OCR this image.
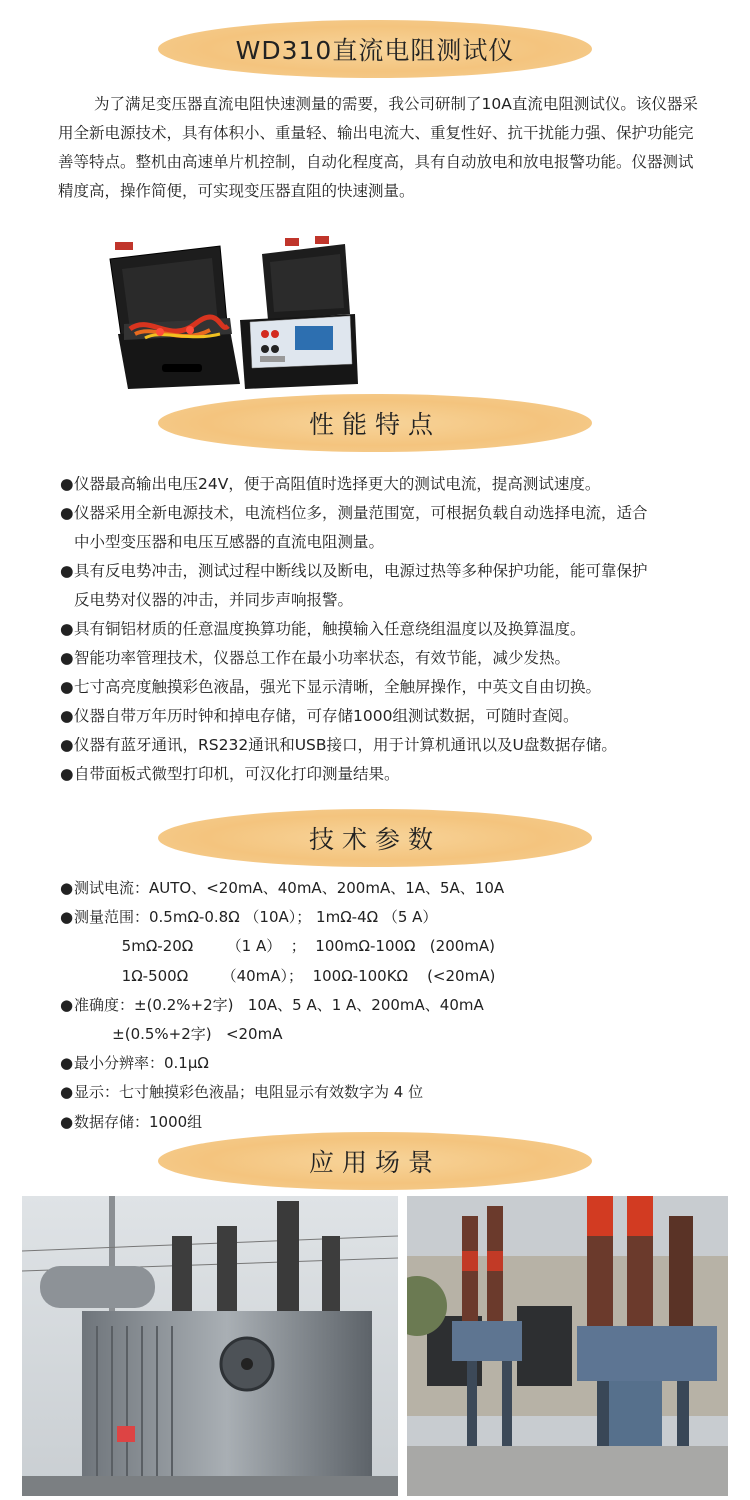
WD310直流电阻测试仪

为了满足变压器直流电阻快速测量的需要，我公司研制了10A直流电阻测试仪。该仪器采用全新电源技术，具有体积小、重量轻、输出电流大、重复性好、抗干扰能力强、保护功能完善等特点。整机由高速单片机控制，自动化程度高，具有自动放电和放电报警功能。仪器测试精度高，操作简便，可实现变压器直阻的快速测量。

性能特点
● 仪器最高输出电压24V，便于高阻值时选择更大的测试电流，提高测试速度。
● 仪器采用全新电源技术，电流档位多，测量范围宽，可根据负载自动选择电流，适合
中小型变压器和电压互感器的直流电阻测量。
● 具有反电势冲击，测试过程中断线以及断电，电源过热等多种保护功能，能可靠保护
反电势对仪器的冲击，并同步声响报警。
● 具有铜铝材质的任意温度换算功能，触摸输入任意绕组温度以及换算温度。
● 智能功率管理技术，仪器总工作在最小功率状态，有效节能，减少发热。
● 七寸高亮度触摸彩色液晶，强光下显示清晰，全触屏操作，中英文自由切换。
● 仪器自带万年历时钟和掉电存储，可存储1000组测试数据，可随时查阅。
● 仪器有蓝牙通讯，RS232通讯和USB接口，用于计算机通讯以及U盘数据存储。
● 自带面板式微型打印机，可汉化打印测量结果。
技术参数
●测试电流：AUTO、<20mA、40mA、200mA、1A、5A、10A
●测量范围：0.5mΩ-0.8Ω （10A）； 1mΩ-4Ω （5 A）
5mΩ-20Ω       （1 A）  ；  100mΩ-100Ω   (200mA)
1Ω-500Ω       （40mA）；  100Ω-100KΩ    (<20mA)
●准确度：±(0.2%+2字)   10A、5 A、1 A、200mA、40mA
±(0.5%+2字)   <20mA
●最小分辨率：0.1μΩ
●显示：七寸触摸彩色液晶；电阻显示有效数字为 4 位
●数据存储：1000组
应用场景
